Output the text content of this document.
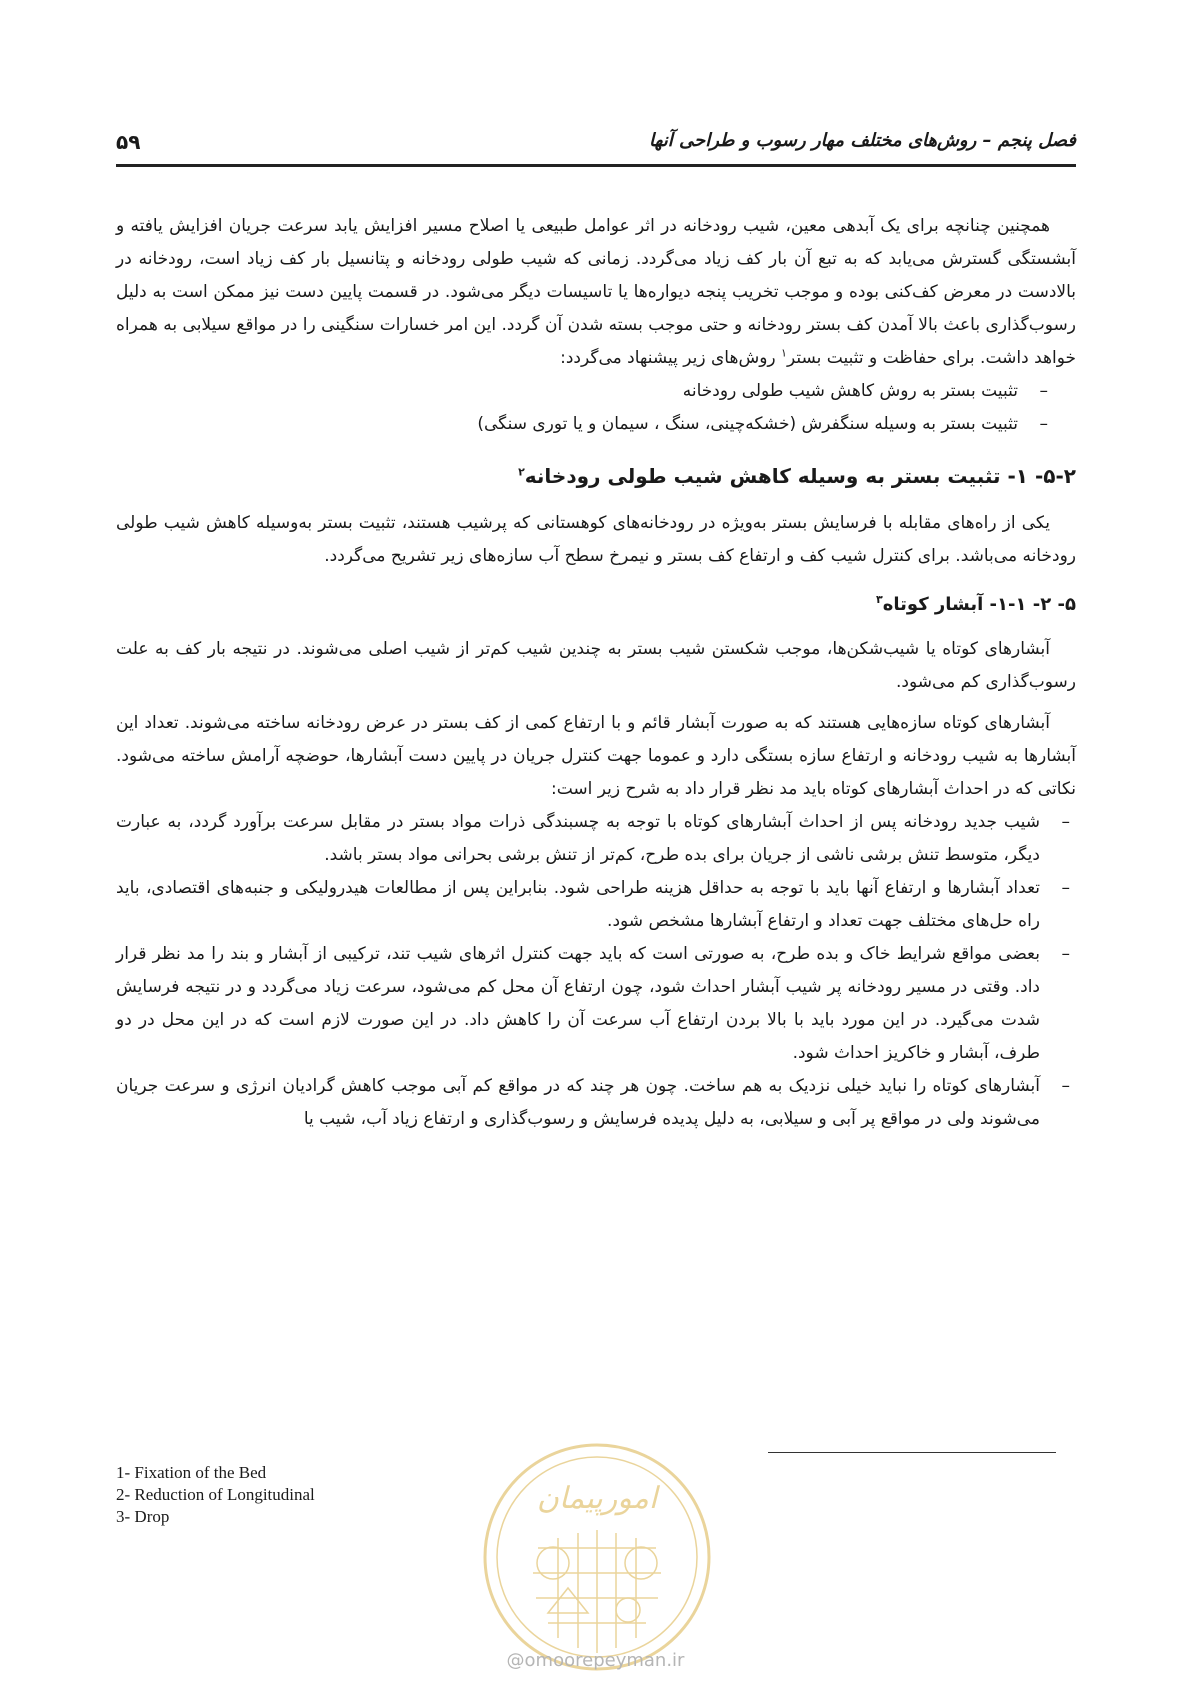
فصل پنجم – روش‌های مختلف مهار رسوب و طراحی آنها
۵۹

همچنین چنانچه برای یک آبدهی معین، شیب رودخانه در اثر عوامل طبیعی یا اصلاح مسیر افزایش یابد سرعت جریان افزایش یافته و آبشستگی گسترش می‌یابد که به تبع آن بار کف زیاد می‌گردد. زمانی که شیب طولی رودخانه و پتانسیل بار کف زیاد است، رودخانه در بالادست در معرض کف‌کنی بوده و موجب تخریب پنجه دیواره‌ها یا تاسیسات دیگر می‌شود. در قسمت پایین دست نیز ممکن است به دلیل رسوب‌گذاری باعث بالا آمدن کف بستر رودخانه و حتی موجب بسته شدن آن گردد. این امر خسارات سنگینی را در مواقع سیلابی به همراه خواهد داشت. برای حفاظت و تثبیت بستر$^۱$ روش‌های زیر پیشنهاد می‌گردد:

–
تثبیت بستر به روش کاهش شیب طولی رودخانه
–
تثبیت بستر به وسیله سنگفرش (خشکه‌چینی، سنگ ، سیمان و یا توری سنگی)
۵-۲- ۱- تثبیت بستر به وسیله کاهش شیب طولی رودخانه$^۲$

یکی از راه‌های مقابله با فرسایش بستر به‌ویژه در رودخانه‌های کوهستانی که پرشیب هستند، تثبیت بستر به‌وسیله کاهش شیب طولی رودخانه می‌باشد. برای کنترل شیب کف و ارتفاع کف بستر و نیمرخ سطح آب سازه‌های زیر تشریح می‌گردد.

۵- ۲- ۱-۱- آبشار کوتاه$^۳$

آبشارهای کوتاه یا شیب‌شکن‌ها، موجب شکستن شیب بستر به چندین شیب کم‌تر از شیب اصلی می‌شوند. در نتیجه بار کف به علت رسوب‌گذاری کم می‌شود.

آبشارهای کوتاه سازه‌هایی هستند که به صورت آبشار قائم و با ارتفاع کمی از کف بستر در عرض رودخانه ساخته می‌شوند. تعداد این آبشارها به شیب رودخانه و ارتفاع سازه بستگی دارد و عموما جهت کنترل جریان در پایین دست آبشارها، حوضچه آرامش ساخته می‌شود. نکاتی که در احداث آبشارهای کوتاه باید مد نظر قرار داد به شرح زیر است:

–
شیب جدید رودخانه پس از احداث آبشارهای کوتاه با توجه به چسبندگی ذرات مواد بستر در مقابل سرعت برآورد گردد، به عبارت دیگر، متوسط تنش برشی ناشی از جریان برای بده طرح، کم‌تر از تنش برشی بحرانی مواد بستر باشد.
–
تعداد آبشارها و ارتفاع آنها باید با توجه به حداقل هزینه طراحی شود. بنابراین پس از مطالعات هیدرولیکی و جنبه‌های اقتصادی، باید راه حل‌های مختلف جهت تعداد و ارتفاع آبشارها مشخص شود.
–
بعضی مواقع شرایط خاک و بده طرح، به صورتی است که باید جهت کنترل اثرهای شیب تند، ترکیبی از آبشار و بند را مد نظر قرار داد. وقتی در مسیر رودخانه پر شیب آبشار احداث شود، چون ارتفاع آن محل کم می‌شود، سرعت زیاد می‌گردد و در نتیجه فرسایش شدت می‌گیرد. در این مورد باید با بالا بردن ارتفاع آب سرعت آن را کاهش داد. در این صورت لازم است که در این محل در دو طرف، آبشار و خاکریز احداث شود.
–
آبشارهای کوتاه را نباید خیلی نزدیک به هم ساخت. چون هر چند که در مواقع کم آبی موجب کاهش گرادیان انرژی و سرعت جریان می‌شوند ولی در مواقع پر آبی و سیلابی، به دلیل پدیده فرسایش و رسوب‌گذاری و ارتفاع زیاد آب، شیب یا
1- Fixation of the Bed
2- Reduction of Longitudinal
3- Drop
امورپیمان
@omoorepeyman.ir
